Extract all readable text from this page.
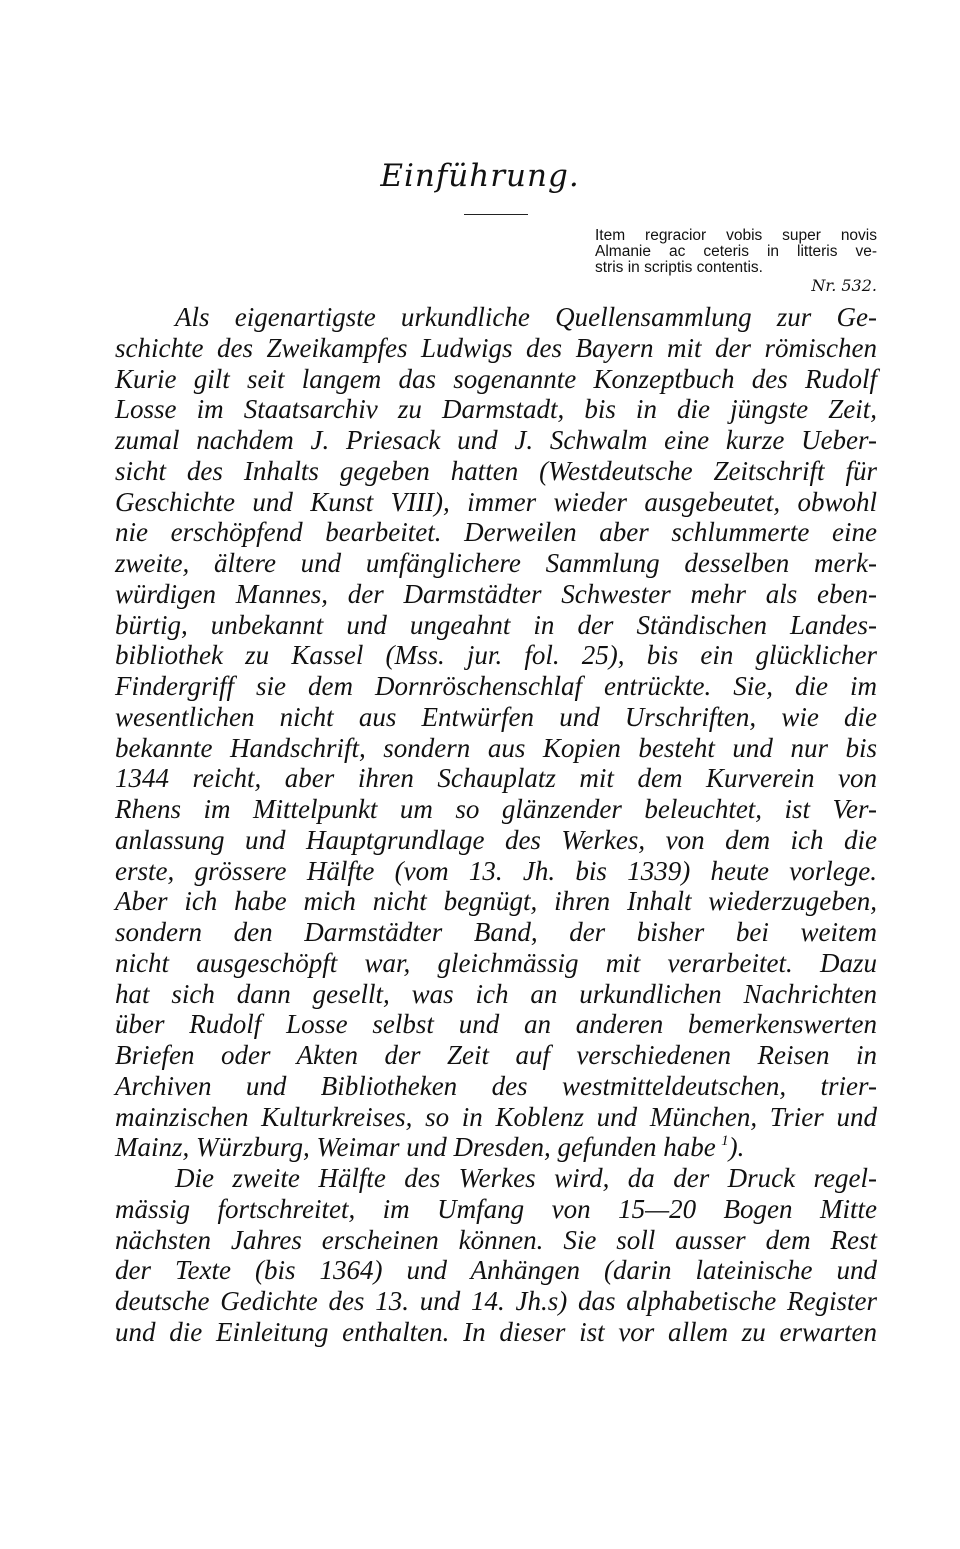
Einführung.
Item regracior vobis super novis
Almanie ac ceteris in litteris ve-
stris in scriptis contentis.
Nr. 532.
Als eigenartigste urkundliche Quellensammlung zur Ge-
schichte des Zweikampfes Ludwigs des Bayern mit der römischen
Kurie gilt seit langem das sogenannte Konzeptbuch des Rudolf
Losse im Staatsarchiv zu Darmstadt, bis in die jüngste Zeit,
zumal nachdem J. Priesack und J. Schwalm eine kurze Ueber-
sicht des Inhalts gegeben hatten (Westdeutsche Zeitschrift für
Geschichte und Kunst VIII), immer wieder ausgebeutet, obwohl
nie erschöpfend bearbeitet. Derweilen aber schlummerte eine
zweite, ältere und umfänglichere Sammlung desselben merk-
würdigen Mannes, der Darmstädter Schwester mehr als eben-
bürtig, unbekannt und ungeahnt in der Ständischen Landes-
bibliothek zu Kassel (Mss. jur. fol. 25), bis ein glücklicher
Findergriff sie dem Dornröschenschlaf entrückte. Sie, die im
wesentlichen nicht aus Entwürfen und Urschriften, wie die
bekannte Handschrift, sondern aus Kopien besteht und nur bis
1344 reicht, aber ihren Schauplatz mit dem Kurverein von
Rhens im Mittelpunkt um so glänzender beleuchtet, ist Ver-
anlassung und Hauptgrundlage des Werkes, von dem ich die
erste, grössere Hälfte (vom 13. Jh. bis 1339) heute vorlege.
Aber ich habe mich nicht begnügt, ihren Inhalt wiederzugeben,
sondern den Darmstädter Band, der bisher bei weitem
nicht ausgeschöpft war, gleichmässig mit verarbeitet. Dazu
hat sich dann gesellt, was ich an urkundlichen Nachrichten
über Rudolf Losse selbst und an anderen bemerkenswerten
Briefen oder Akten der Zeit auf verschiedenen Reisen in
Archiven und Bibliotheken des westmitteldeutschen, trier-
mainzischen Kulturkreises, so in Koblenz und München, Trier und
Mainz, Würzburg, Weimar und Dresden, gefunden habe  $^1$).
Die zweite Hälfte des Werkes wird, da der Druck regel-
mässig fortschreitet, im Umfang von 15—20 Bogen Mitte
nächsten Jahres erscheinen können. Sie soll ausser dem Rest
der Texte (bis 1364) und Anhängen (darin lateinische und
deutsche Gedichte des 13. und 14. Jh.s) das alphabetische Register
und die Einleitung enthalten. In dieser ist vor allem zu erwarten
